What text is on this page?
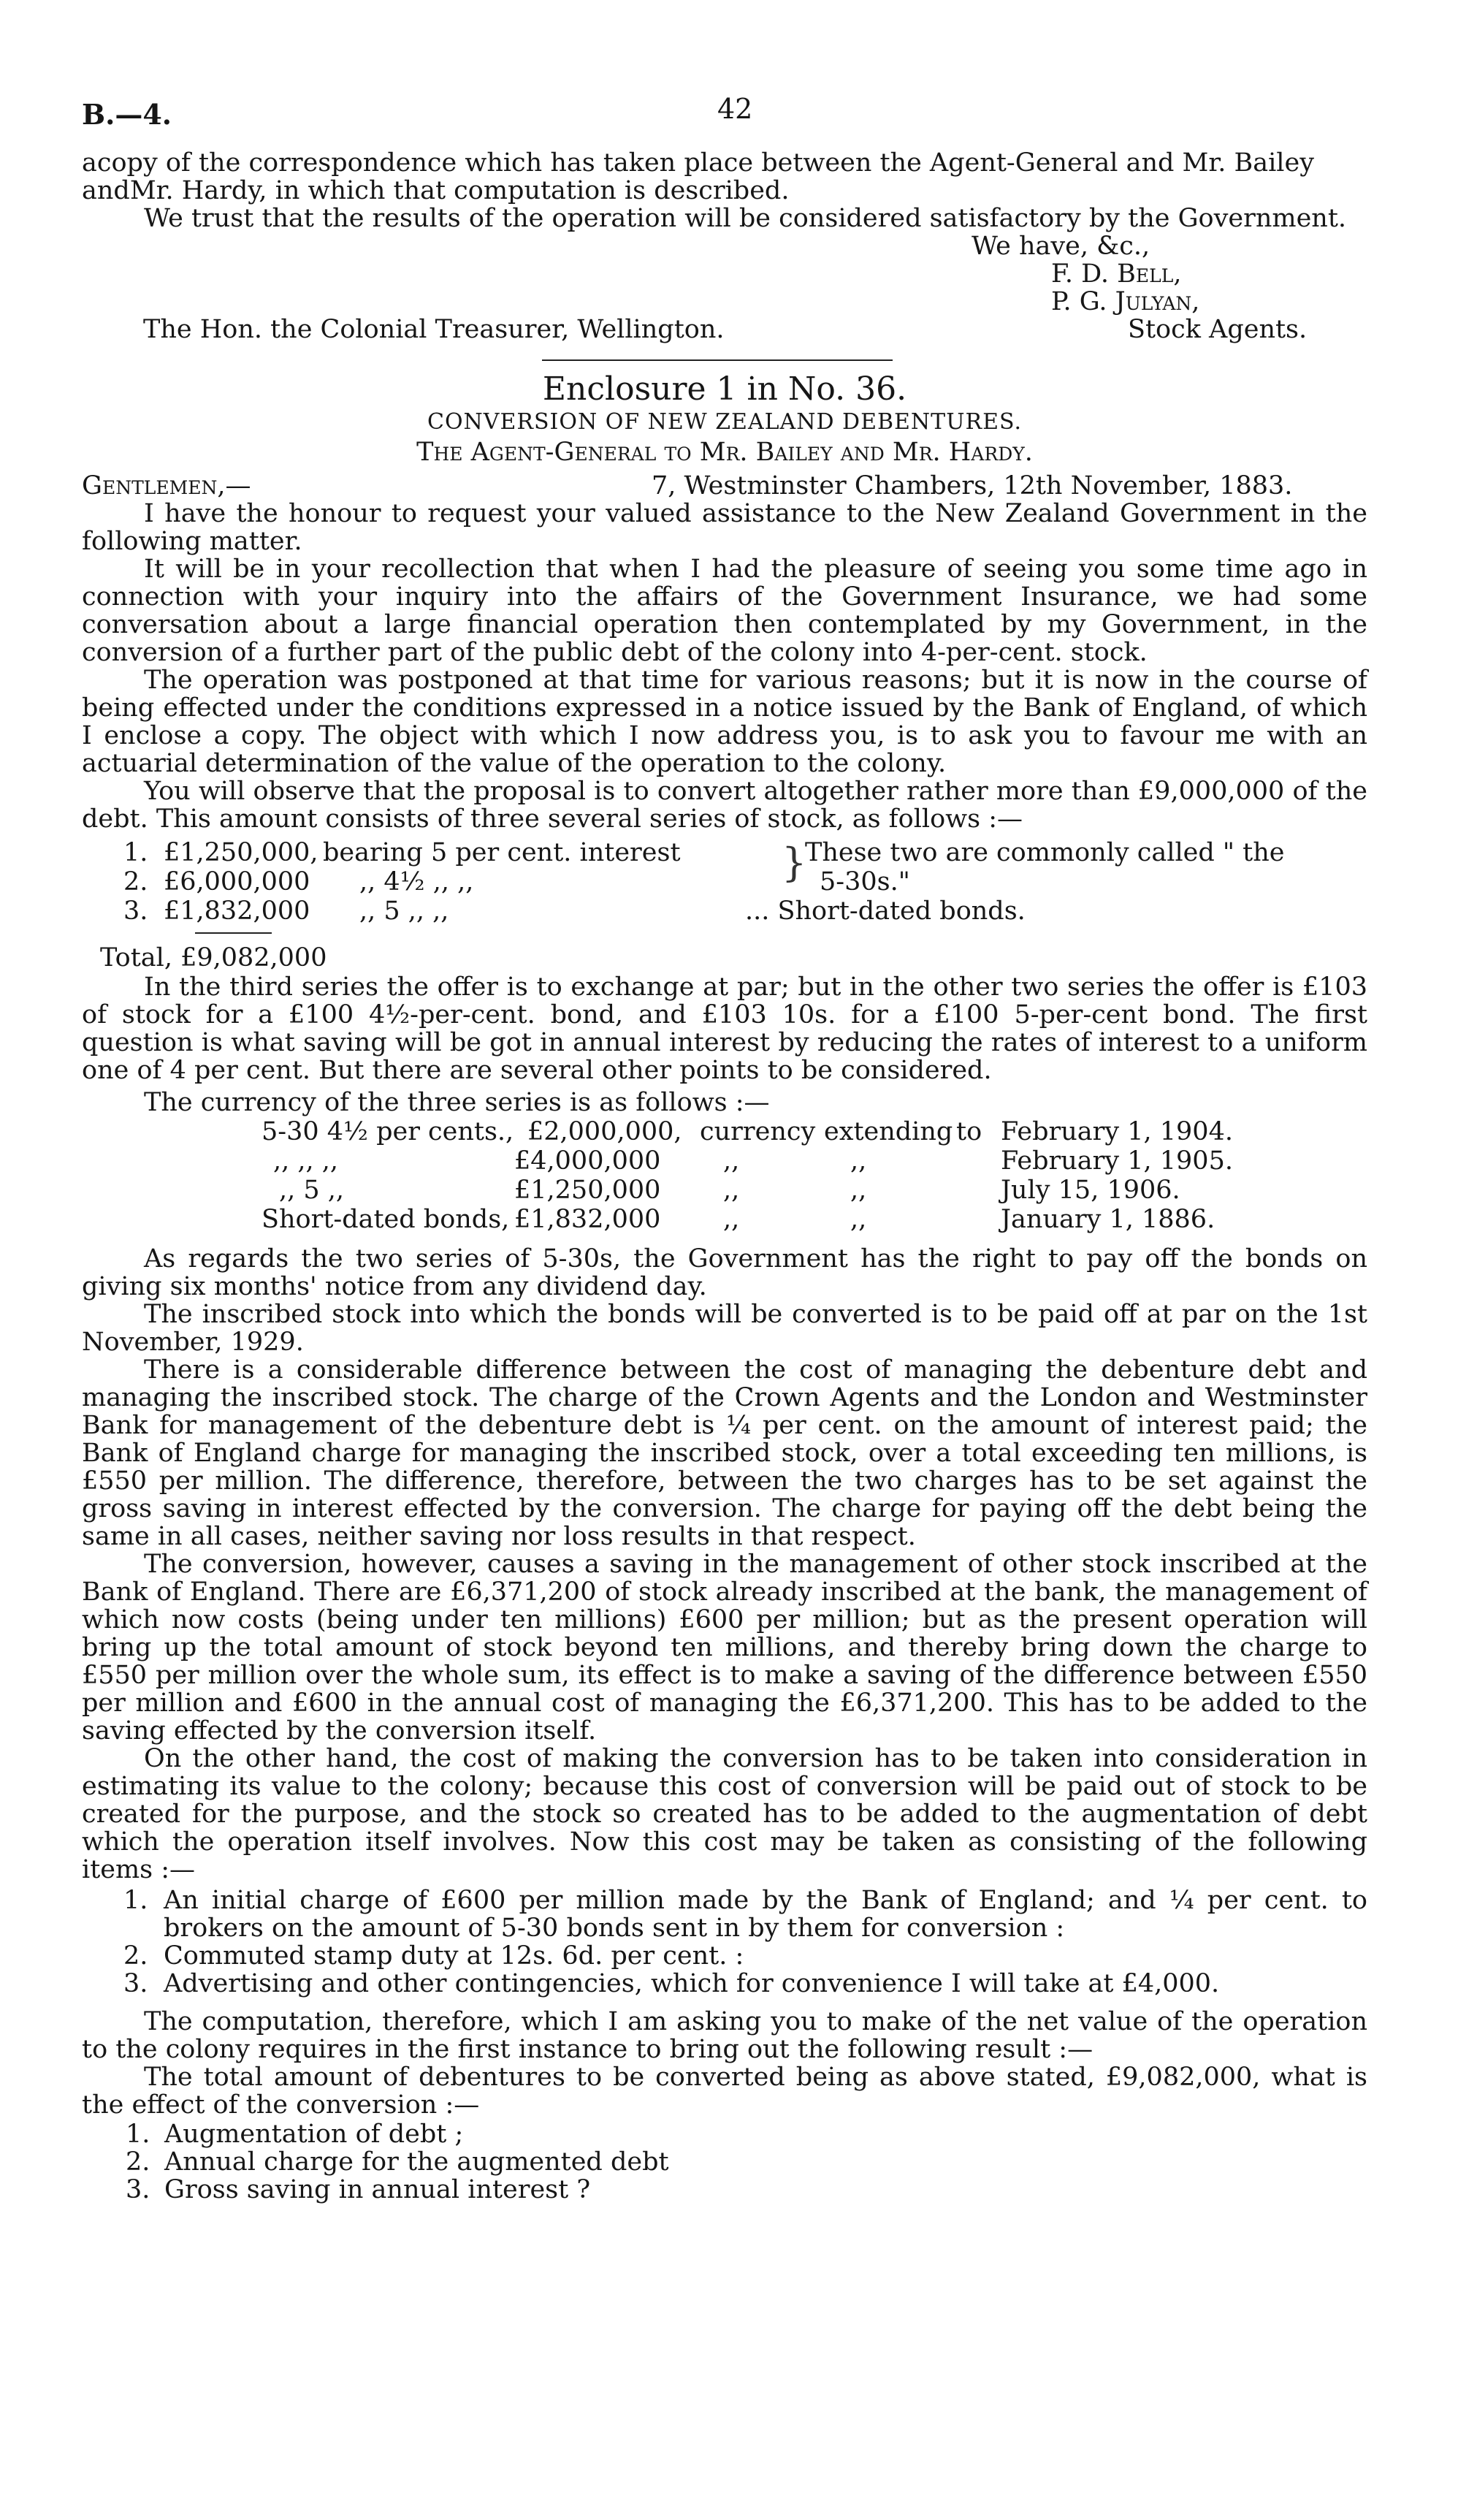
B.—4.	42

acopy of the correspondence which has taken place between the Agent-General and Mr. Bailey

andMr. Hardy, in which that computation is described.

We trust that the results of the operation will be considered satisfactory by the Government.

We have, &c.,
F. D. Bell,
P. G. Julyan,
The Hon. the Colonial Treasurer, Wellington.	Stock Agents.
Enclosure 1 in No. 36.
CONVERSION OF NEW ZEALAND DEBENTURES.
The Agent-General to Mr. Bailey and Mr. Hardy.
Gentlemen,—	7, Westminster Chambers, 12th November, 1883.

I have the honour to request your valued assistance to the New Zealand Government in the following matter.

It will be in your recollection that when I had the pleasure of seeing you some time ago in connection with your inquiry into the affairs of the Government Insurance, we had some conversation about a large financial operation then contemplated by my Government, in the conversion of a further part of the public debt of the colony into 4-per-cent. stock.

The operation was postponed at that time for various reasons; but it is now in the course of being effected under the conditions expressed in a notice issued by the Bank of England, of which I enclose a copy. The object with which I now address you, is to ask you to favour me with an actuarial determination of the value of the operation to the colony.

You will observe that the proposal is to convert altogether rather more than £9,000,000 of the debt. This amount consists of three several series of stock, as follows :—

1. £1,250,000, bearing 5 per cent. interest
2. £6,000,000 ,, 4½ ,, ,,
3. £1,832,000 ,, 5 ,, ,,
}
These two are commonly called " the
5-30s."
... Short-dated bonds.
Total, £9,082,000

In the third series the offer is to exchange at par; but in the other two series the offer is £103 of stock for a £100 4½-per-cent. bond, and £103 10s. for a £100 5-per-cent bond. The first question is what saving will be got in annual interest by reducing the rates of interest to a uniform one of 4 per cent. But there are several other points to be considered.

The currency of the three series is as follows :—

5-30 4½ per cents., £2,000,000, currency extending to February 1, 1904.
,, ,, ,,	£4,000,000 ,,	,,	February 1, 1905.
,, 5 ,,	£1,250,000 ,,	,,	July 15, 1906.
Short-dated bonds, £1,832,000 ,,	,,	January 1, 1886.

As regards the two series of 5-30s, the Government has the right to pay off the bonds on giving six months' notice from any dividend day.

The inscribed stock into which the bonds will be converted is to be paid off at par on the 1st November, 1929.

There is a considerable difference between the cost of managing the debenture debt and managing the inscribed stock. The charge of the Crown Agents and the London and Westminster Bank for management of the debenture debt is ¼ per cent. on the amount of interest paid; the Bank of England charge for managing the inscribed stock, over a total exceeding ten millions, is £550 per million. The difference, therefore, between the two charges has to be set against the gross saving in interest effected by the conversion. The charge for paying off the debt being the same in all cases, neither saving nor loss results in that respect.

The conversion, however, causes a saving in the management of other stock inscribed at the Bank of England. There are £6,371,200 of stock already inscribed at the bank, the management of which now costs (being under ten millions) £600 per million; but as the present operation will bring up the total amount of stock beyond ten millions, and thereby bring down the charge to £550 per million over the whole sum, its effect is to make a saving of the difference between £550 per million and £600 in the annual cost of managing the £6,371,200. This has to be added to the saving effected by the conversion itself.

On the other hand, the cost of making the conversion has to be taken into consideration in estimating its value to the colony; because this cost of conversion will be paid out of stock to be created for the purpose, and the stock so created has to be added to the augmentation of debt which the operation itself involves. Now this cost may be taken as consisting of the following items :—

1. An initial charge of £600 per million made by the Bank of England; and ¼ per cent. to brokers on the amount of 5-30 bonds sent in by them for conversion :
2. Commuted stamp duty at 12s. 6d. per cent. :
3. Advertising and other contingencies, which for convenience I will take at £4,000.

The computation, therefore, which I am asking you to make of the net value of the operation to the colony requires in the first instance to bring out the following result :—

The total amount of debentures to be converted being as above stated, £9,082,000, what is the effect of the conversion :—

1. Augmentation of debt ;
2. Annual charge for the augmented debt
3. Gross saving in annual interest ?
